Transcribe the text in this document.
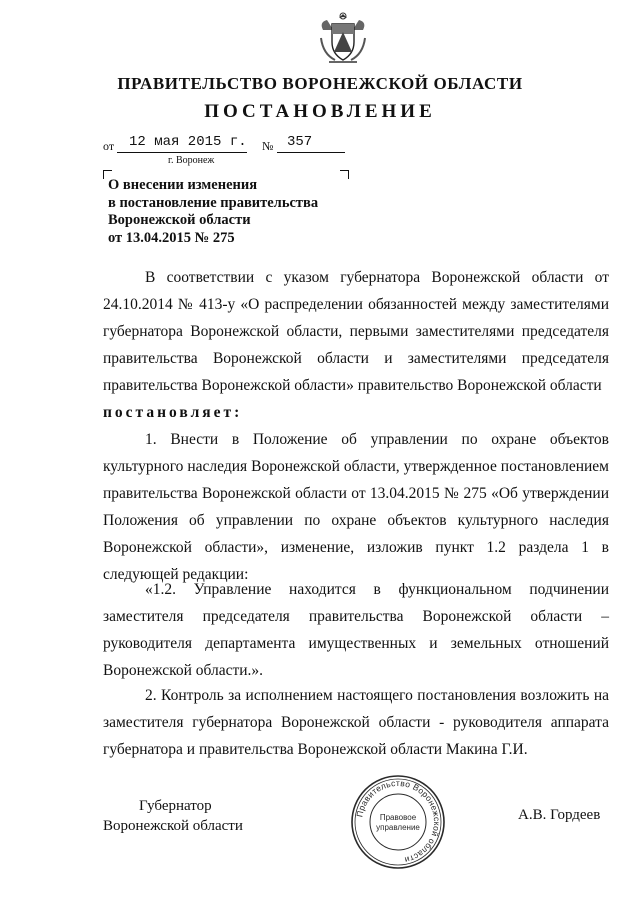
ПРАВИТЕЛЬСТВО ВОРОНЕЖСКОЙ ОБЛАСТИ
ПОСТАНОВЛЕНИЕ
от 12 мая 2015 г. № 357
г. Воронеж
О внесении изменения
в постановление правительства
Воронежской области
от 13.04.2015 № 275
В соответствии с указом губернатора Воронежской области от 24.10.2014 № 413-у «О распределении обязанностей между заместителями губернатора Воронежской области, первыми заместителями председателя правительства Воронежской области и заместителями председателя правительства Воронежской области» правительство Воронежской области
постановляет:
1. Внести в Положение об управлении по охране объектов культурного наследия Воронежской области, утвержденное постановлением правительства Воронежской области от 13.04.2015 № 275 «Об утверждении Положения об управлении по охране объектов культурного наследия Воронежской области», изменение, изложив пункт 1.2 раздела 1 в следующей редакции:
«1.2. Управление находится в функциональном подчинении заместителя председателя правительства Воронежской области – руководителя департамента имущественных и земельных отношений Воронежской области.».
2. Контроль за исполнением настоящего постановления возложить на заместителя губернатора Воронежской области - руководителя аппарата губернатора и правительства Воронежской области Макина Г.И.
Губернатор
Воронежской области
А.В. Гордеев
Правительство Воронежской области
Правовое
управление
